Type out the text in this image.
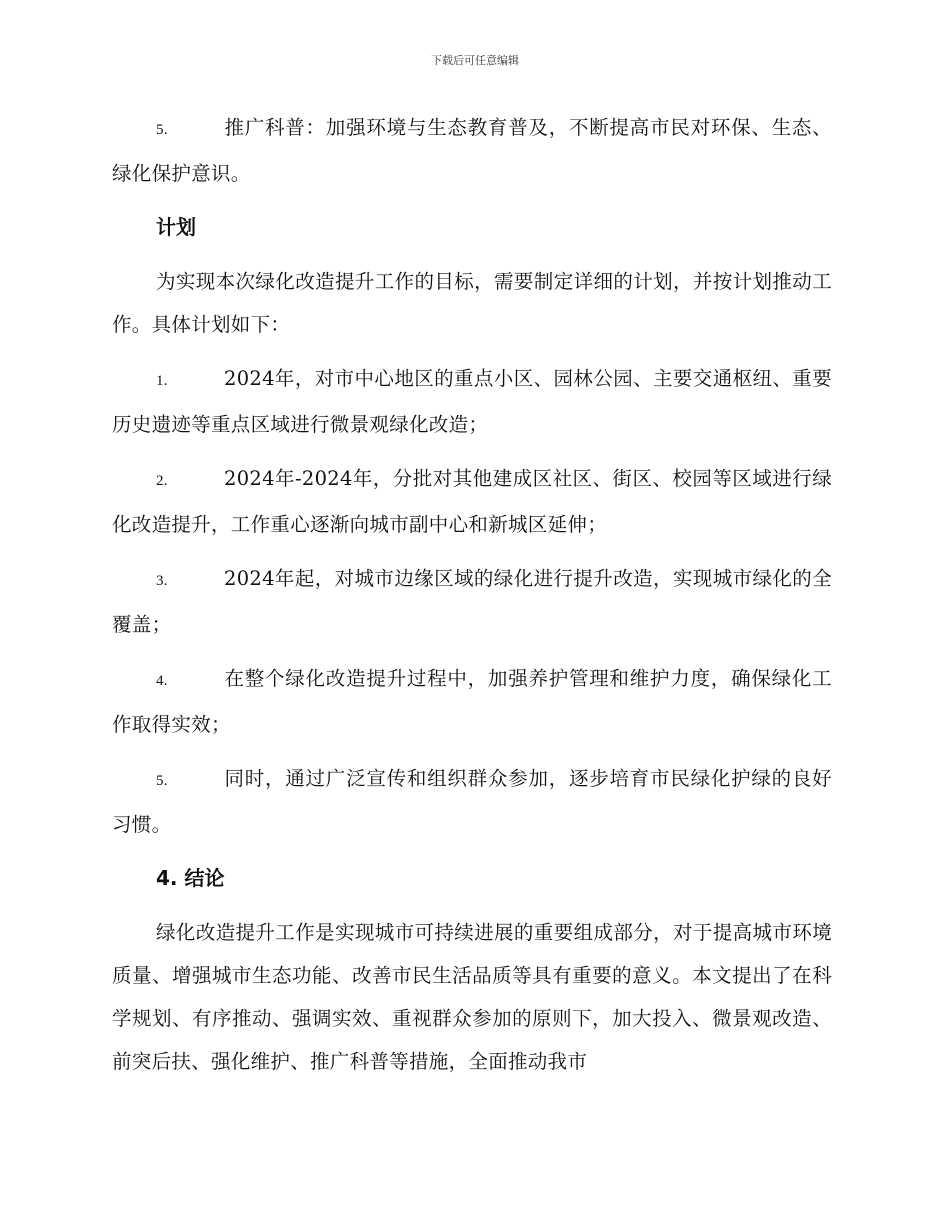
下载后可任意编辑

5.	推广科普：加强环境与生态教育普及，不断提高市民对环保、生态、绿化保护意识。

计划

为实现本次绿化改造提升工作的目标，需要制定详细的计划，并按计划推动工作。具体计划如下：

1.	2024年，对市中心地区的重点小区、园林公园、主要交通枢纽、重要历史遗迹等重点区域进行微景观绿化改造；

2.	2024年-2024年，分批对其他建成区社区、街区、校园等区域进行绿化改造提升，工作重心逐渐向城市副中心和新城区延伸；

3.	2024年起，对城市边缘区域的绿化进行提升改造，实现城市绿化的全覆盖；

4.	在整个绿化改造提升过程中，加强养护管理和维护力度，确保绿化工作取得实效；

5.	同时，通过广泛宣传和组织群众参加，逐步培育市民绿化护绿的良好习惯。

4. 结论

绿化改造提升工作是实现城市可持续进展的重要组成部分，对于提高城市环境质量、增强城市生态功能、改善市民生活品质等具有重要的意义。本文提出了在科学规划、有序推动、强调实效、重视群众参加的原则下，加大投入、微景观改造、前突后扶、强化维护、推广科普等措施，全面推动我市
